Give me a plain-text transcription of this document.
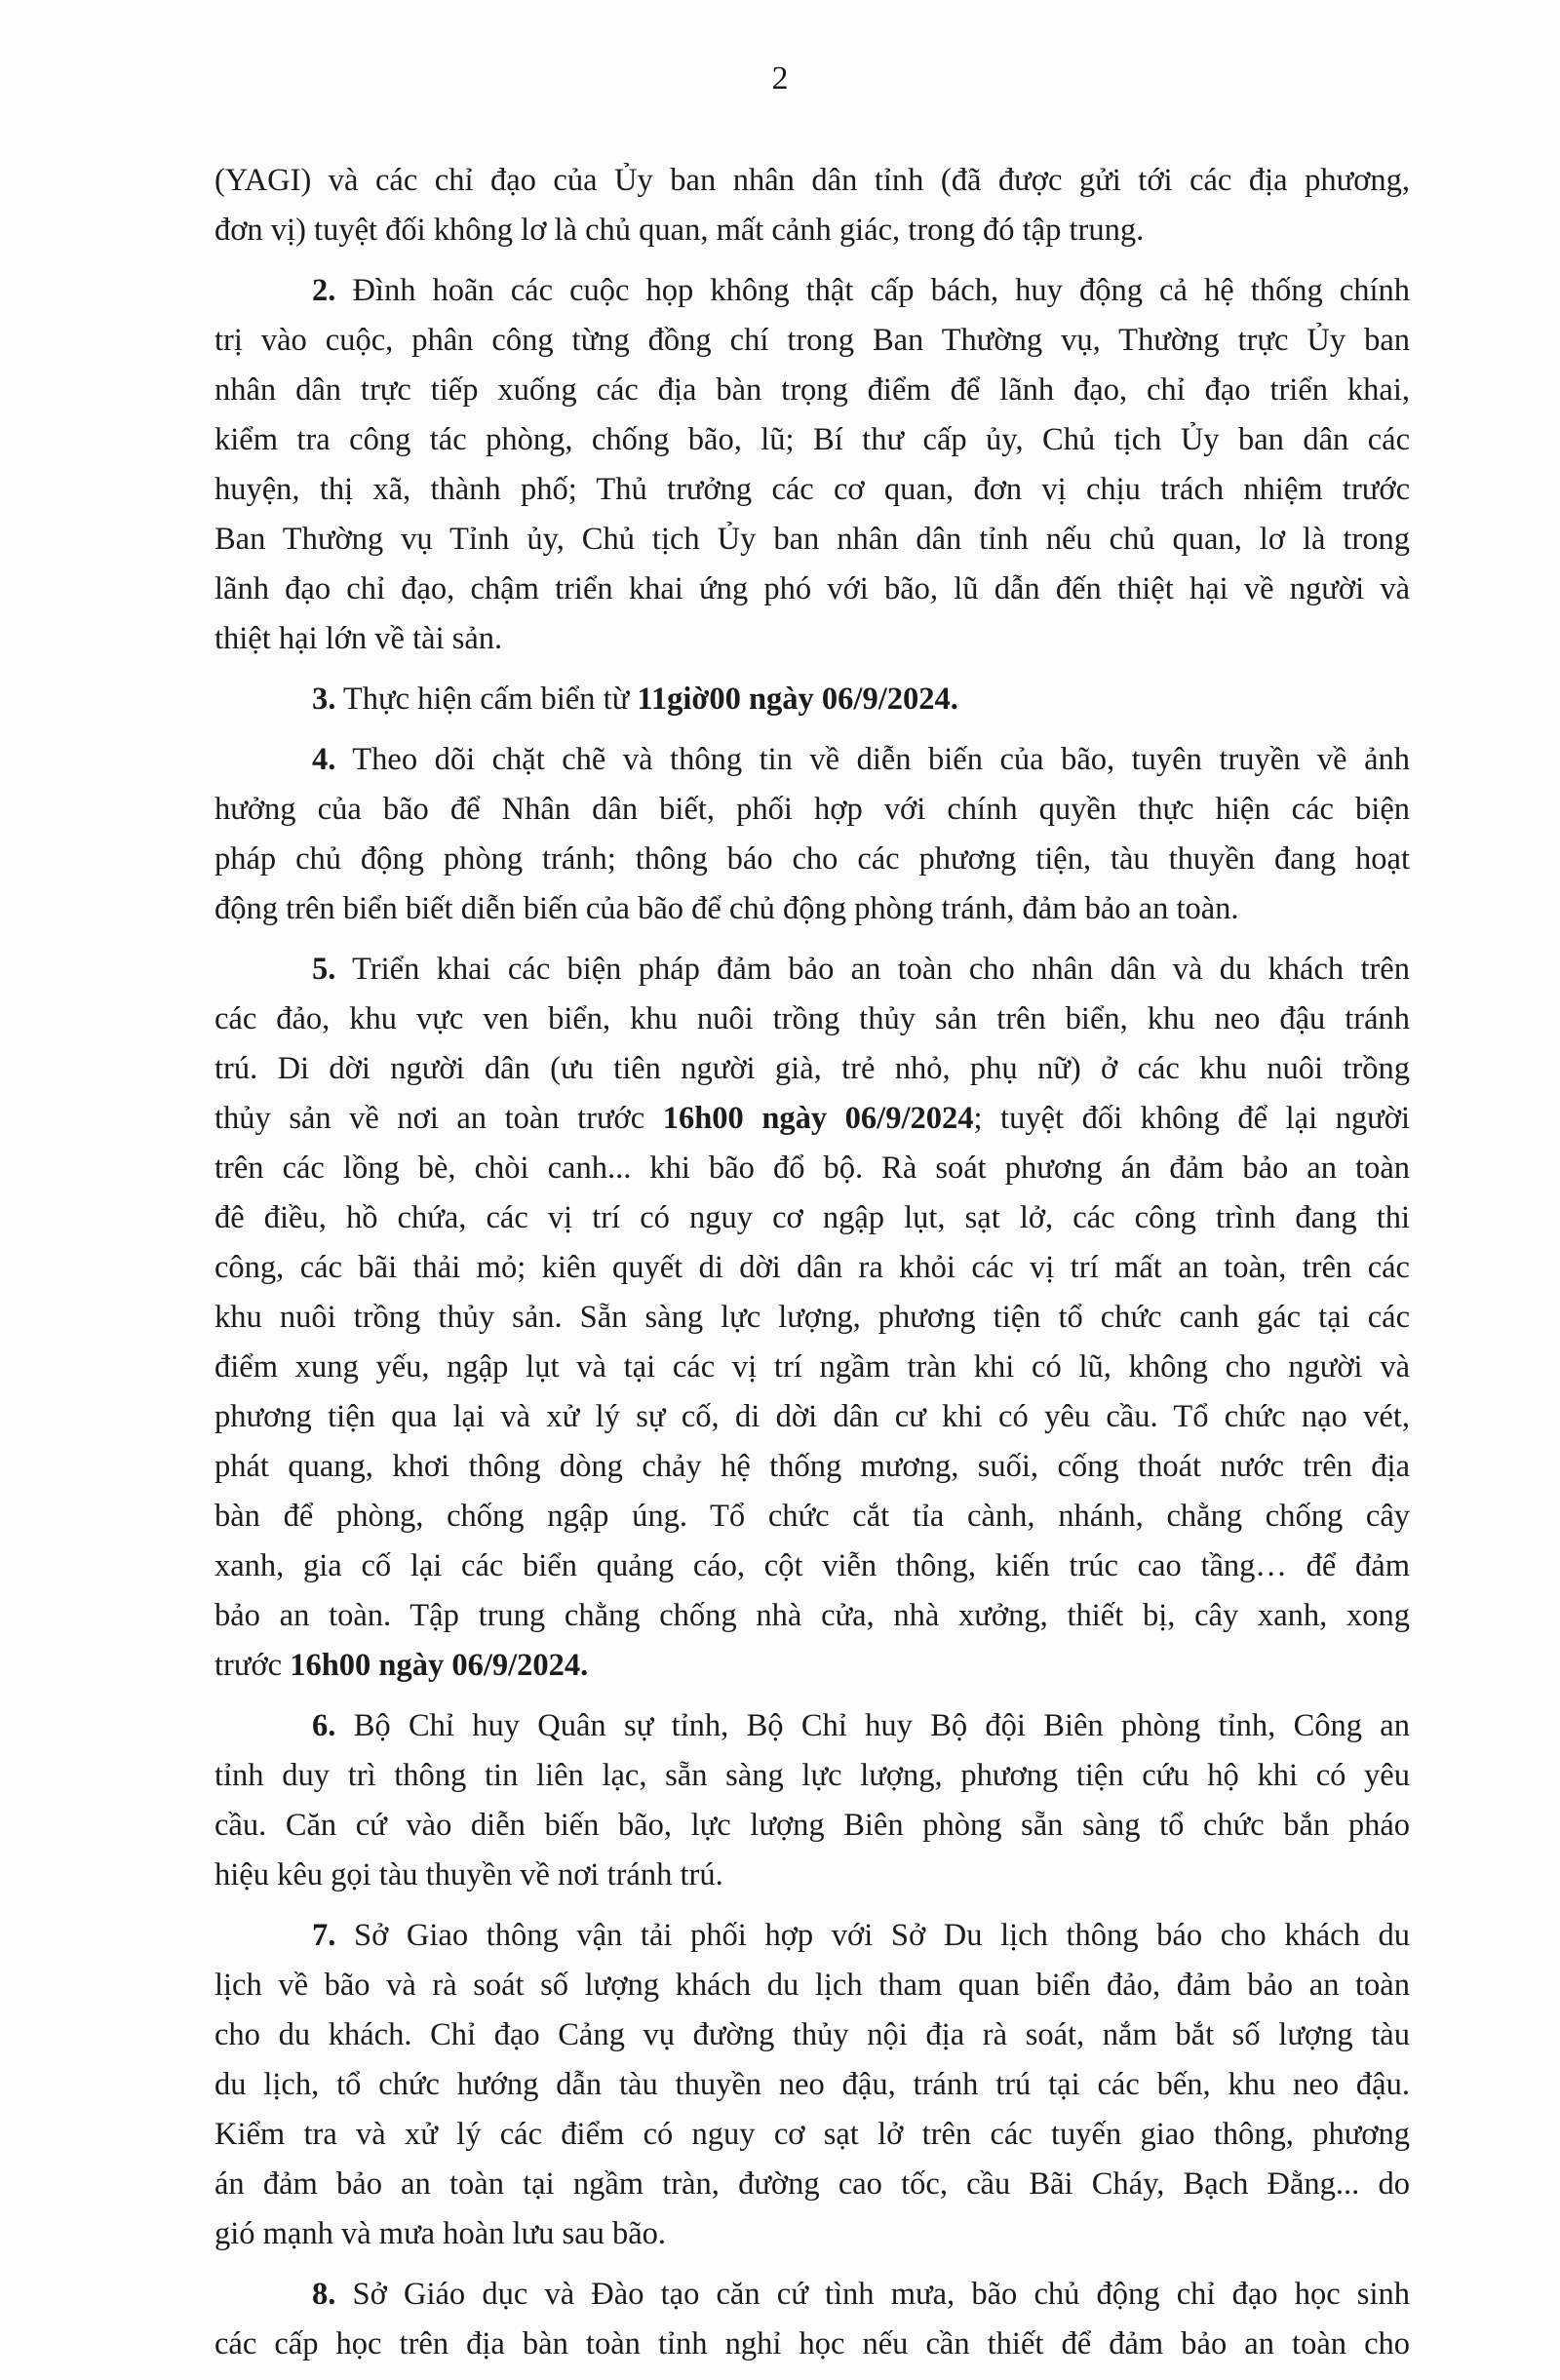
2
(YAGI) và các chỉ đạo của Ủy ban nhân dân tỉnh (đã được gửi tới các địa phương,
đơn vị) tuyệt đối không lơ là chủ quan, mất cảnh giác, trong đó tập trung.
2. Đình hoãn các cuộc họp không thật cấp bách, huy động cả hệ thống chính
trị vào cuộc, phân công từng đồng chí trong Ban Thường vụ, Thường trực Ủy ban
nhân dân trực tiếp xuống các địa bàn trọng điểm để lãnh đạo, chỉ đạo triển khai,
kiểm tra công tác phòng, chống bão, lũ; Bí thư cấp ủy, Chủ tịch Ủy ban dân các
huyện, thị xã, thành phố; Thủ trưởng các cơ quan, đơn vị chịu trách nhiệm trước
Ban Thường vụ Tỉnh ủy, Chủ tịch Ủy ban nhân dân tỉnh nếu chủ quan, lơ là trong
lãnh đạo chỉ đạo, chậm triển khai ứng phó với bão, lũ dẫn đến thiệt hại về người và
thiệt hại lớn về tài sản.
3. Thực hiện cấm biển từ 11giờ00 ngày 06/9/2024.
4. Theo dõi chặt chẽ và thông tin về diễn biến của bão, tuyên truyền về ảnh
hưởng của bão để Nhân dân biết, phối hợp với chính quyền thực hiện các biện
pháp chủ động phòng tránh; thông báo cho các phương tiện, tàu thuyền đang hoạt
động trên biển biết diễn biến của bão để chủ động phòng tránh, đảm bảo an toàn.
5. Triển khai các biện pháp đảm bảo an toàn cho nhân dân và du khách trên
các đảo, khu vực ven biển, khu nuôi trồng thủy sản trên biển, khu neo đậu tránh
trú. Di dời người dân (ưu tiên người già, trẻ nhỏ, phụ nữ) ở các khu nuôi trồng
thủy sản về nơi an toàn trước 16h00 ngày 06/9/2024; tuyệt đối không để lại người
trên các lồng bè, chòi canh... khi bão đổ bộ. Rà soát phương án đảm bảo an toàn
đê điều, hồ chứa, các vị trí có nguy cơ ngập lụt, sạt lở, các công trình đang thi
công, các bãi thải mỏ; kiên quyết di dời dân ra khỏi các vị trí mất an toàn, trên các
khu nuôi trồng thủy sản. Sẵn sàng lực lượng, phương tiện tổ chức canh gác tại các
điểm xung yếu, ngập lụt và tại các vị trí ngầm tràn khi có lũ, không cho người và
phương tiện qua lại và xử lý sự cố, di dời dân cư khi có yêu cầu. Tổ chức nạo vét,
phát quang, khơi thông dòng chảy hệ thống mương, suối, cống thoát nước trên địa
bàn để phòng, chống ngập úng. Tổ chức cắt tỉa cành, nhánh, chằng chống cây
xanh, gia cố lại các biển quảng cáo, cột viễn thông, kiến trúc cao tầng… để đảm
bảo an toàn. Tập trung chằng chống nhà cửa, nhà xưởng, thiết bị, cây xanh, xong
trước 16h00 ngày 06/9/2024.
6. Bộ Chỉ huy Quân sự tỉnh, Bộ Chỉ huy Bộ đội Biên phòng tỉnh, Công an
tỉnh duy trì thông tin liên lạc, sẵn sàng lực lượng, phương tiện cứu hộ khi có yêu
cầu. Căn cứ vào diễn biến bão, lực lượng Biên phòng sẵn sàng tổ chức bắn pháo
hiệu kêu gọi tàu thuyền về nơi tránh trú.
7. Sở Giao thông vận tải phối hợp với Sở Du lịch thông báo cho khách du
lịch về bão và rà soát số lượng khách du lịch tham quan biển đảo, đảm bảo an toàn
cho du khách. Chỉ đạo Cảng vụ đường thủy nội địa rà soát, nắm bắt số lượng tàu
du lịch, tổ chức hướng dẫn tàu thuyền neo đậu, tránh trú tại các bến, khu neo đậu.
Kiểm tra và xử lý các điểm có nguy cơ sạt lở trên các tuyến giao thông, phương
án đảm bảo an toàn tại ngầm tràn, đường cao tốc, cầu Bãi Cháy, Bạch Đằng... do
gió mạnh và mưa hoàn lưu sau bão.
8. Sở Giáo dục và Đào tạo căn cứ tình mưa, bão chủ động chỉ đạo học sinh
các cấp học trên địa bàn toàn tỉnh nghỉ học nếu cần thiết để đảm bảo an toàn cho
